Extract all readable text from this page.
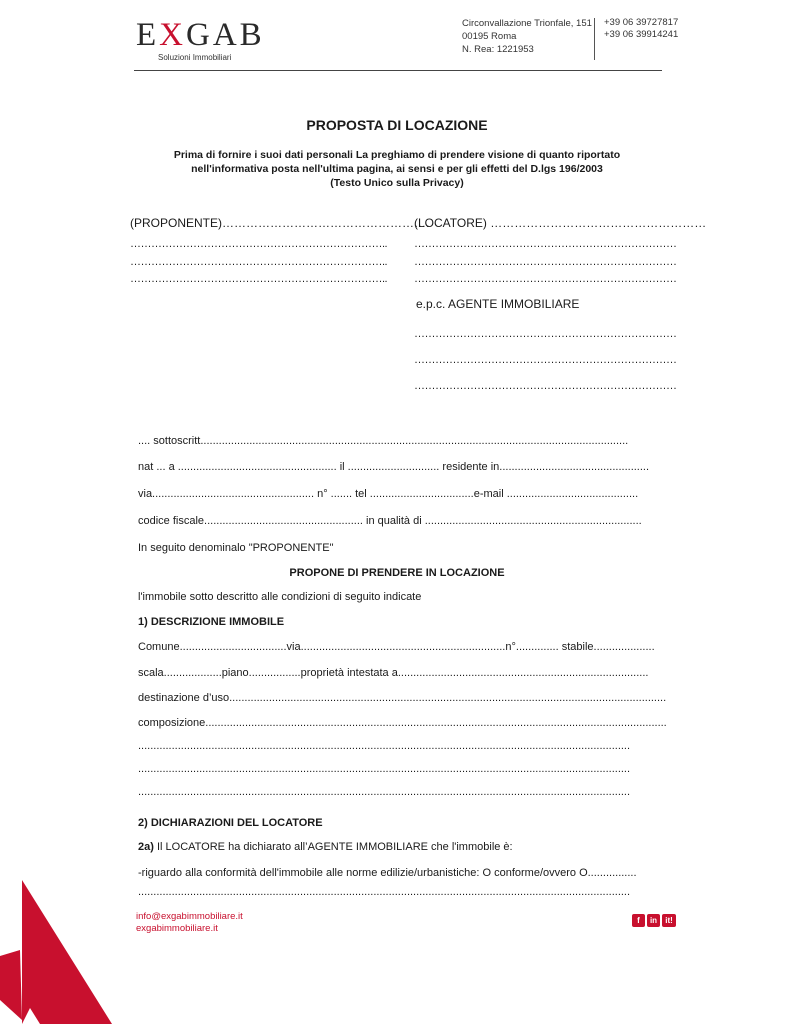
EXGAB
Soluzioni Immobiliari
Circonvallazione Trionfale, 151
00195 Roma
N. Rea: 1221953
+39 06 39727817
+39 06 39914241
PROPOSTA DI LOCAZIONE
Prima di fornire i suoi dati personali La preghiamo di prendere visione di quanto riportato
nell'informativa posta nell'ultima pagina, ai sensi e per gli effetti del D.lgs 196/2003
(Testo Unico sulla Privacy)
(PROPONENTE)…………………………………………….
………………………………………………………………..
………………………………………………………………..
………………………………………………………………..
(LOCATORE) ………………………………………………
…………………………………………………………………
…………………………………………………………………
…………………………………………………………………
e.p.c. AGENTE IMMOBILIARE
…………………………………………………………………
…………………………………………………………………
…………………………………………………………………
.... sottoscritt............................................................................................................................................
nat ... a .................................................... il .............................. residente in.................................................
via..................................................... n° ....... tel ..................................e-mail ...........................................
codice fiscale.................................................... in qualità di .......................................................................
In seguito denominalo "PROPONENTE"
PROPONE DI PRENDERE IN LOCAZIONE
l'immobile sotto descritto alle condizioni di seguito indicate
1) DESCRIZIONE IMMOBILE
Comune...................................via...................................................................n°.............. stabile....................
scala...................piano.................proprietà intestata a..................................................................................
destinazione d’uso...............................................................................................................................................
composizione.......................................................................................................................................................
.................................................................................................................................................................
.................................................................................................................................................................
.................................................................................................................................................................
2) DICHIARAZIONI DEL LOCATORE
2a) Il LOCATORE ha dichiarato all’AGENTE IMMOBILIARE che l'immobile è:
-riguardo alla conformità dell'immobile alle norme edilizie/urbanistiche: O conforme/ovvero O................
.................................................................................................................................................................
info@exgabimmobiliare.it
exgabimmobiliare.it
f	in	it!
